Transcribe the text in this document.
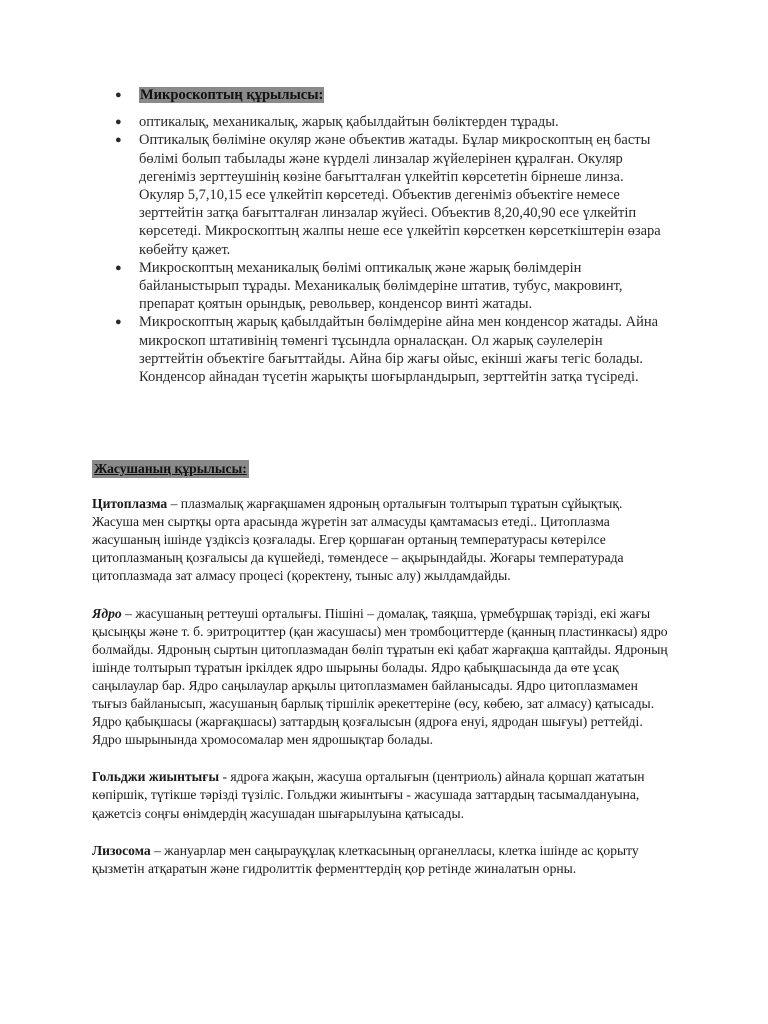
● Микроскоптың құрылысы:
● оптикалық, механикалық, жарық қабылдайтын бөліктерден тұрады.
● Оптикалық бөлiмiне окуляр және объектив жатады. Бұлар микроскоптың ең басты бөлімі болып табылады және күрделі линзалар жүйелерінен құралған. Окуляр дегеніміз зерттеушінің көзіне бағытталған үлкейтіп көрсететін бірнеше линза. Окуляр 5,7,10,15 есе үлкейтіп көрсетеді. Объектив дегеніміз объектіге немесе зерттейтін затқа бағытталған линзалар жүйесі. Объектив 8,20,40,90 есе үлкейтіп көрсетеді. Микроскоптың жалпы неше есе үлкейтіп көрсеткен көрсеткіштерін өзара көбейту қажет.
● Микроскоптың механикалық бөлімі оптикалық және жарық бөлімдерін байланыстырып тұрады. Механикалық бөлімдеріне штатив, тубус, макровинт, препарат қоятын орындық, револьвер, конденсор винті жатады.
● Микроскоптың жарық қабылдайтын бөлімдеріне айна мен конденсор жатады. Айна микроскоп штативінің төменгі тұсындла орналасқан. Ол жарық сәулелерін зерттейтін объектіге бағыттайды. Айна бір жағы ойыс, екінші жағы тегіс болады. Конденсор айнадан түсетін жарықты шоғырландырып, зерттейтін затқа түсіреді.
Жасушаның құрылысы:

Цитоплазма – плазмалық жарғақшамен ядроның орталығын толтырып тұратын сұйықтық. Жасуша мен сыртқы орта арасында жүретін зат алмасуды қамтамасыз етеді.. Цитоплазма жасушаның ішінде үздіксіз қозғалады. Егер қоршаған ортаның температурасы көтерілсе цитоплазманың қозғалысы да күшейеді, төмендесе – ақырындайды. Жоғары температурада цитоплазмада зат алмасу процесі (қоректену, тыныс алу) жылдамдайды.

Ядро – жасушаның реттеуші орталығы. Пішіні – домалақ, таяқша, үрмебұршақ тәрізді, екі жағы қысыңқы және т. б. эритроциттер (қан жасушасы) мен тромбоциттерде (қанның пластинкасы) ядро болмайды. Ядроның сыртын цитоплазмадан бөліп тұратын екі қабат жарғақша қаптайды. Ядроның ішінде толтырып тұратын іркілдек ядро шырыны болады. Ядро қабықшасында да өте ұсақ саңылаулар бар. Ядро саңылаулар арқылы цитоплазмамен байланысады. Ядро цитоплазмамен тығыз байланысып, жасушаның барлық тіршілік әрекеттеріне (өсу, көбею, зат алмасу) қатысады. Ядро қабықшасы (жарғақшасы) заттардың қозғалысын (ядроға енуі, ядродан шығуы) реттейді. Ядро шырынында хромосомалар мен ядрошықтар болады.

Гольджи жиынтығы - ядроға жақын, жасуша орталығын (центриоль) айнала қоршап жататын көпіршік, түтікше тәрізді түзіліс. Гольджи жиынтығы - жасушада заттардың тасымалдануына, қажетсіз соңғы өнімдердің жасушадан шығарылуына қатысады.

Лизосома – жануарлар мен саңырауқұлақ клеткасының органелласы, клетка ішінде ас қорыту қызметін атқаратын және гидролиттік ферменттердің қор ретінде жиналатын орны.
